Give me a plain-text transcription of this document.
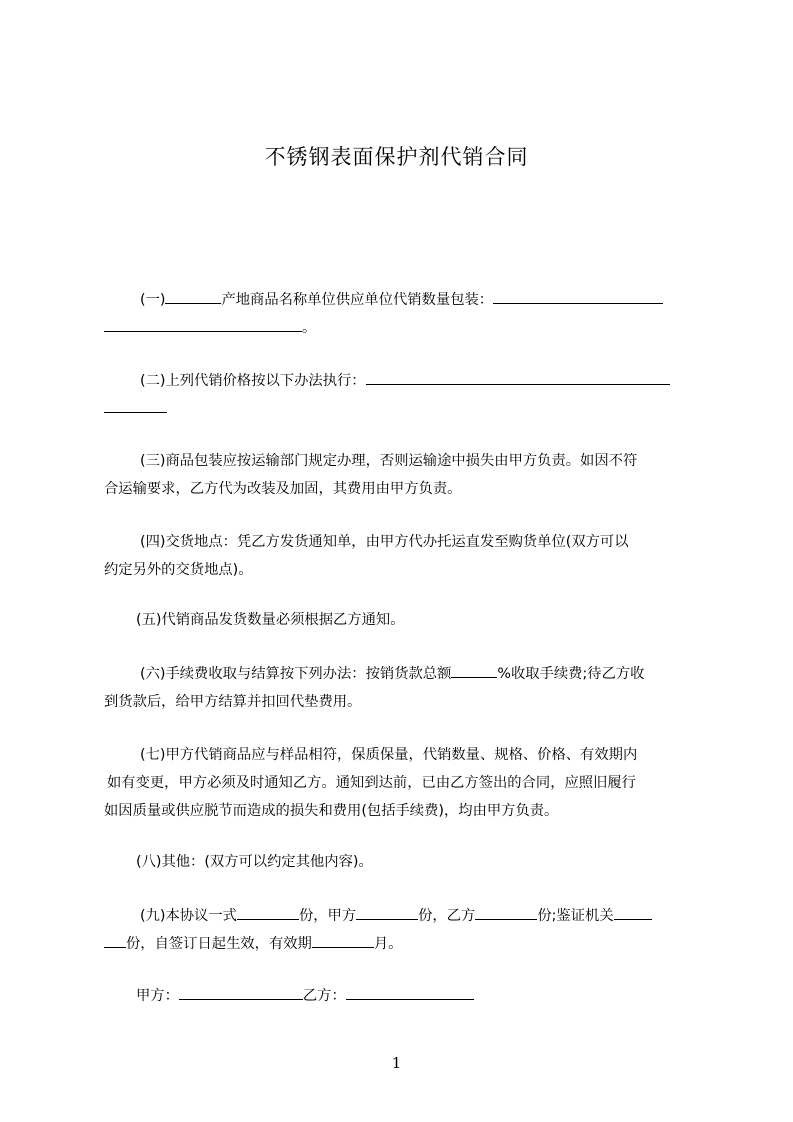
不锈钢表面保护剂代销合同
(一)	产地商品名称单位供应单位代销数量包装：
。
(二)上列代销价格按以下办法执行：
(三)商品包装应按运输部门规定办理，否则运输途中损失由甲方负责。如因不符
合运输要求，乙方代为改装及加固，其费用由甲方负责。
(四)交货地点：凭乙方发货通知单，由甲方代办托运直发至购货单位(双方可以
约定另外的交货地点)。
(五)代销商品发货数量必须根据乙方通知。
(六)手续费收取与结算按下列办法：按销货款总额	%收取手续费;待乙方收
到货款后，给甲方结算并扣回代垫费用。
(七)甲方代销商品应与样品相符，保质保量，代销数量、规格、价格、有效期内
如有变更，甲方必须及时通知乙方。通知到达前，已由乙方签出的合同，应照旧履行
如因质量或供应脱节而造成的损失和费用(包括手续费)，均由甲方负责。
(八)其他：(双方可以约定其他内容)。
(九)本协议一式	份，甲方	份，乙方	份;鉴证机关
份，自签订日起生效，有效期	月。
甲方：	乙方：
1
